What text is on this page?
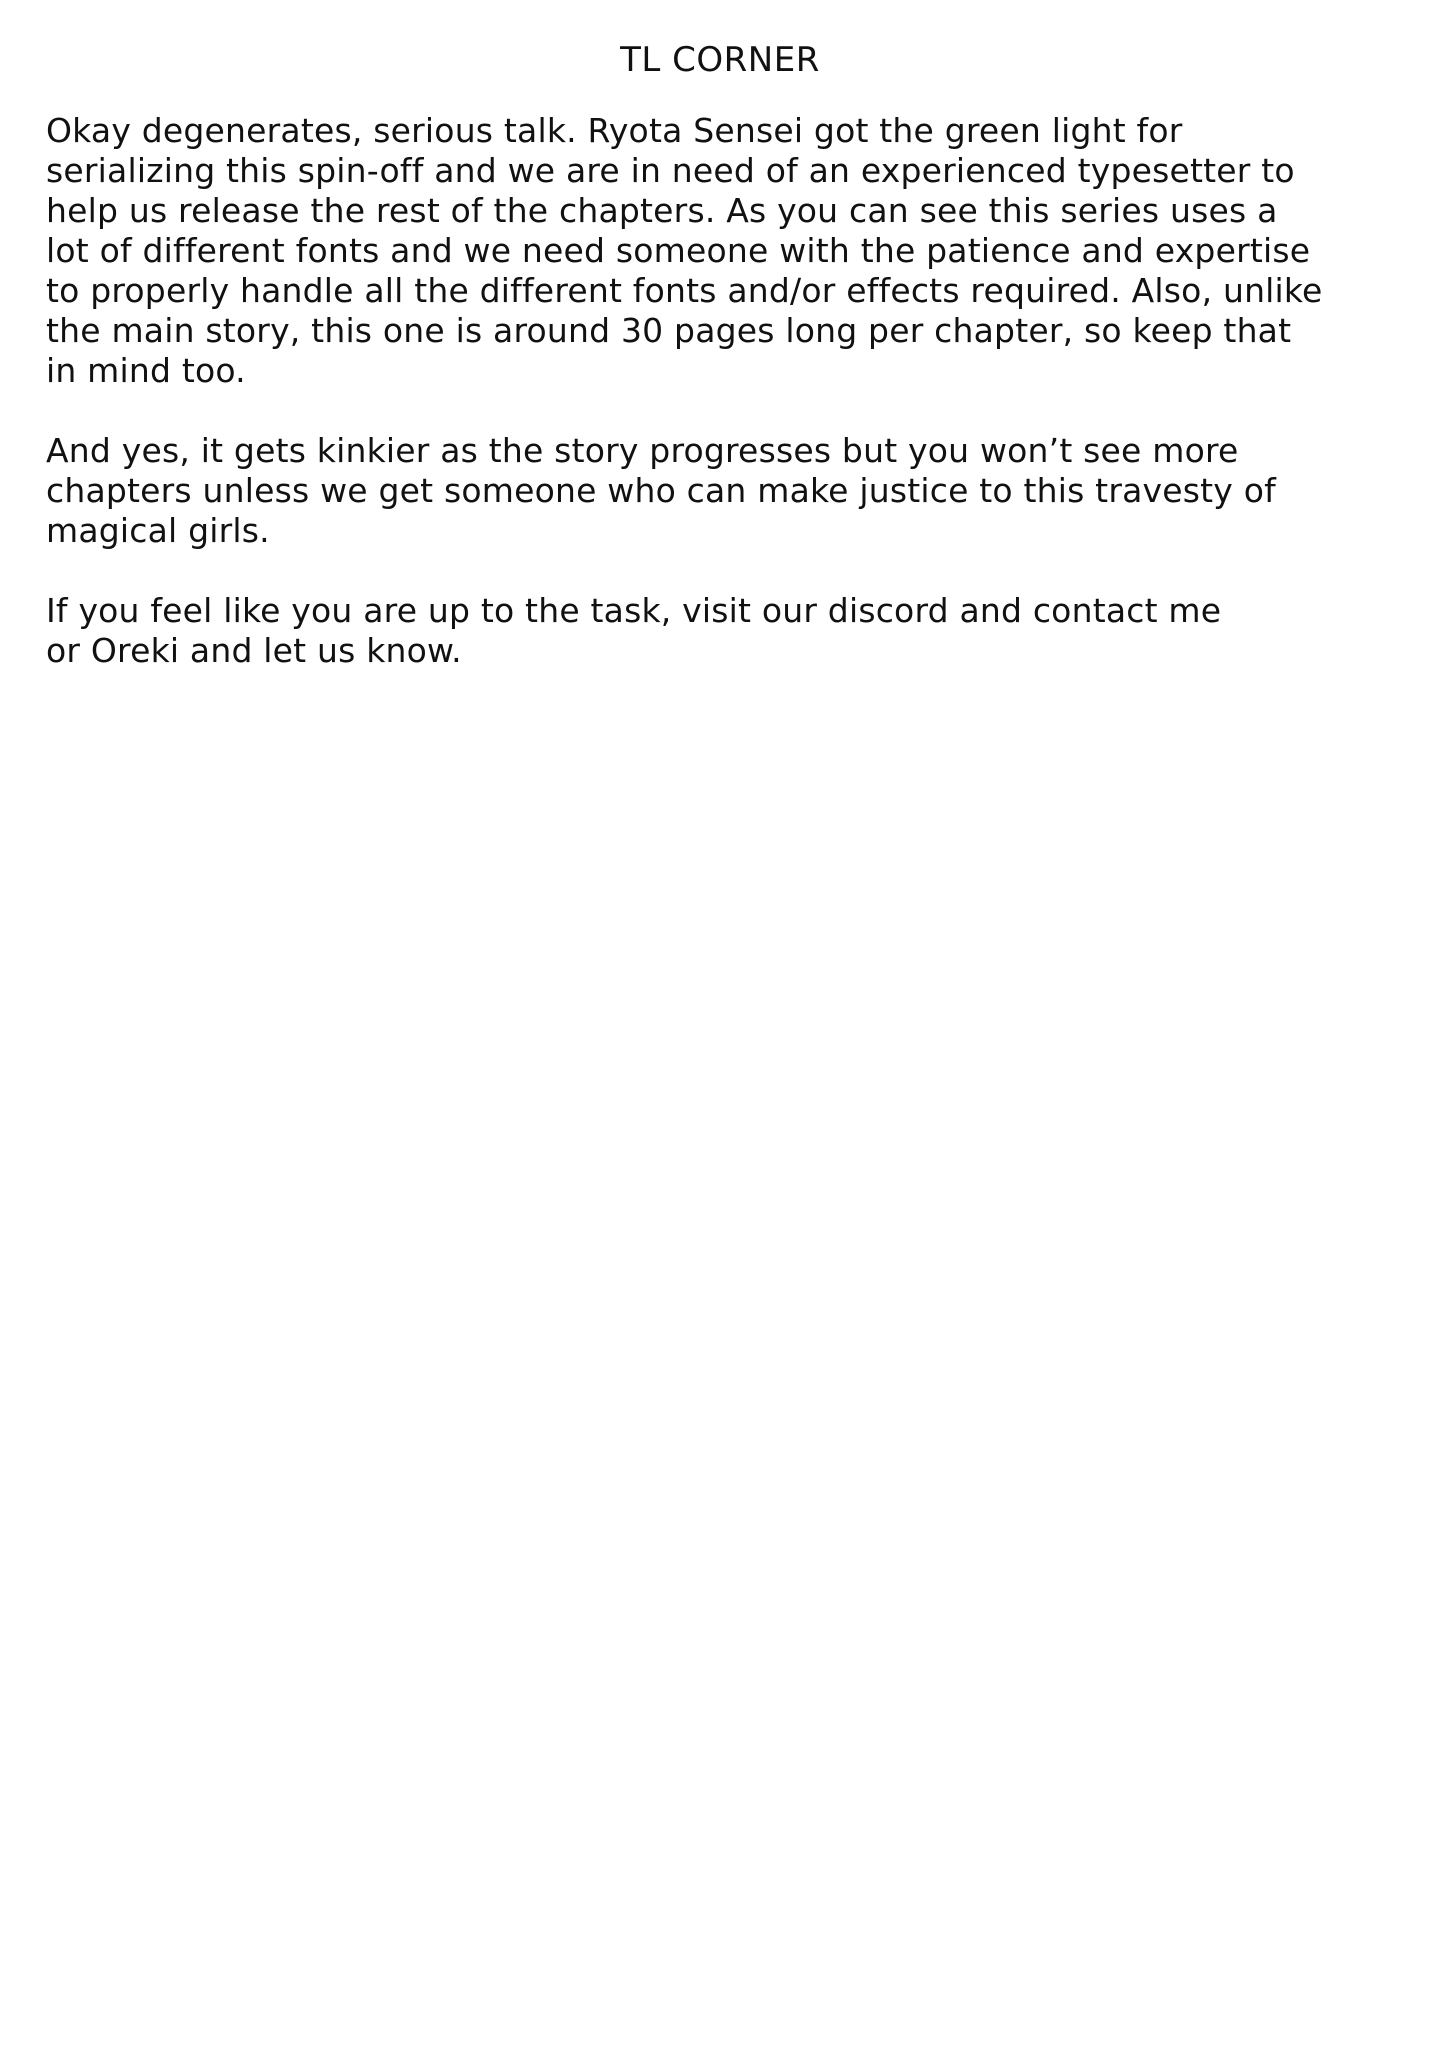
TL CORNER

Okay degenerates, serious talk. Ryota Sensei got the green light for
serializing this spin-off and we are in need of an experienced typesetter to
help us release the rest of the chapters. As you can see this series uses a
lot of different fonts and we need someone with the patience and expertise
to properly handle all the different fonts and/or effects required. Also, unlike
the main story, this one is around 30 pages long per chapter, so keep that
in mind too.

And yes, it gets kinkier as the story progresses but you won’t see more
chapters unless we get someone who can make justice to this travesty of
magical girls.

If you feel like you are up to the task, visit our discord and contact me
or Oreki and let us know.
